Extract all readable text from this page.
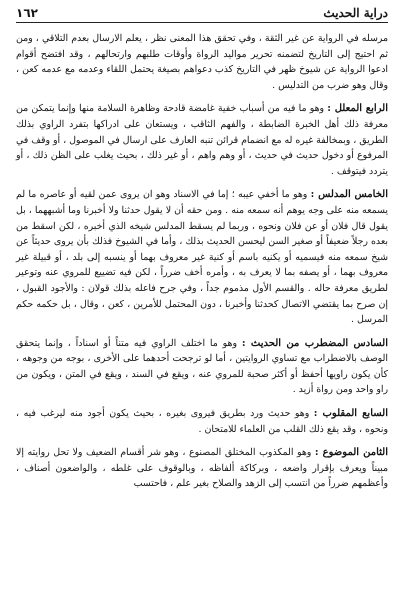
دراية الحديث
١٦٢

مرسله في الرواية عن غير الثقة ، وفي تحقق هذا المعنى نظر ، يعلم الارسال بعدم التلاقي ، ومن ثم احتيج إلى التاريخ لتضمنه تحرير مواليد الرواة وأوقات طلبهم وارتحالهم ، وقد افتضح أقوام ادعوا الرواية عن شيوخ ظهر في التاريخ كذب دعواهم بصيغة يحتمل اللقاء وعدمه مع عدمه كعن ، وقال وهو ضرب من التدليس .

الرابع المعلل : وهو ما فيه من أسباب خفية غامضة قادحة وظاهرة السلامة منها وإنما يتمكن من معرفة ذلك أهل الخبرة الضابطة ، والفهم الثاقب ، ويستعان على ادراكها بتفرد الراوي بذلك الطريق ، وبمخالفة غيره له مع انضمام قرائن تنبه العارف على ارسال في الموصول ، أو وقف في المرفوع أو دخول حديث في حديث ، أو وهم واهم ، أو غير ذلك ، بحيث يغلب على الظن ذلك ، أو يتردد فيتوقف .

الخامس المدلس : وهو ما أخفي عيبه ؛ إما في الاسناد وهو ان يروى عمن لقيه أو عاصره ما لم يسمعه منه على وجه يوهم أنه سمعه منه . ومن حقه أن لا يقول حدثنا ولا أخبرنا وما أشبههما ، بل يقول قال فلان أو عن فلان ونحوه ، وربما لم يسقط المدلس شيخه الذي أخبره ، لكن اسقط من بعده رجلاً ضعيفاً أو صغير السن ليحسن الحديث بذلك ، وأما في الشيوخ فذلك بأن يروى حديثاً عن شيخ سمعه منه فيسميه أو يكنيه باسم أو كنية غير معروف بهما أو ينسبه إلى بلد ، أو قبيلة غير معروف بهما ، أو يصفه بما لا يعرف به ، وأمره أخف ضرراً ، لكن فيه تضييع للمروي عنه وتوعير لطريق معرفة حاله . والقسم الأول مذموم جداً ، وفي جرح فاعله بذلك قولان : والأجود القبول ، إن صرح بما يقتضي الاتصال كحدثنا وأخبرنا ، دون المحتمل للأمرين ، كعن ، وقال ، بل حكمه حكم المرسل .

السادس المضطرب من الحديث : وهو ما اختلف الراوي فيه متناً أو اسناداً ، وإنما يتحقق الوصف بالاضطراب مع تساوي الروايتين ، أما لو ترجحت أحدهما على الأخرى ، بوجه من وجوهه ، كأن يكون راويها أحفظ أو أكثر صحبة للمروي عنه ، ويقع في السند ، ويقع في المتن ، ويكون من راو واحد ومن رواة أزيد .

السابع المقلوب : وهو حديث ورد بطريق فيروى بغيره ، بحيث يكون أجود منه ليرغب فيه ، ونحوه ، وقد يقع ذلك القلب من العلماء للامتحان .

الثامن الموضوع : وهو المكذوب المختلق المصنوع ، وهو شر أقسام الضعيف ولا تحل روايته إلا مبيناً ويعرف بإقرار واضعه ، وبركاكة ألفاظه ، وبالوقوف على غلطه ، والواضعون أصناف ، وأعظمهم ضرراً من انتسب إلى الزهد والصلاح بغير علم ، فاحتسب
